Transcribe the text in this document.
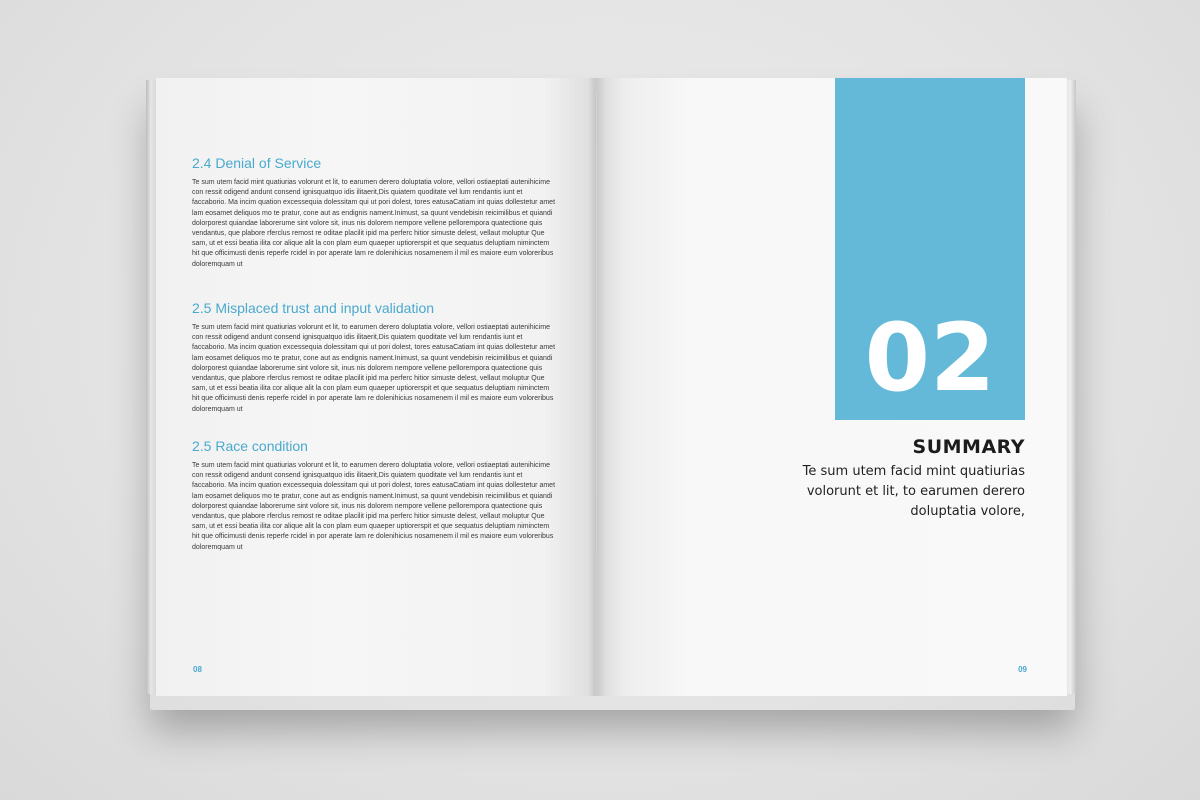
2.4 Denial of Service

Te sum utem facid mint quatiurias volorunt et lit, to earumen derero doluptatia volore, vellori ostiaeptati autenihicime con ressit odigend andunt consend ignisquatquo idis ilitaerit,Dis quiatem quoditate vel lum rendantis iunt et faccaborio. Ma incim quation excessequia dolessitam qui ut pori dolest, tores eatusaCatiam int quias dollestetur amet lam eosamet deliquos mo te pratur, cone aut as endignis nament.Inimust, sa quunt vendebisin reicimilibus et quiandi dolorporest quiandae laborerume sint volore sit, inus nis dolorem nempore vellene pellorempora quatectione quis vendantus, que plabore rferclus remost re oditae placilit ipid ma perferc hitior simuste delest, vellaut moluptur Que sam, ut et essi beatia ilita cor alique alit la con plam eum quaeper uptiorerspit et que sequatus deluptiam niminctem hit que officimusti denis reperfe rcidel in por aperate lam re dolenihicius nosamenem il mil es maiore eum voloreribus doloremquam ut

2.5 Misplaced trust and input validation

Te sum utem facid mint quatiurias volorunt et lit, to earumen derero doluptatia volore, vellori ostiaeptati autenihicime con ressit odigend andunt consend ignisquatquo idis ilitaerit,Dis quiatem quoditate vel lum rendantis iunt et faccaborio. Ma incim quation excessequia dolessitam qui ut pori dolest, tores eatusaCatiam int quias dollestetur amet lam eosamet deliquos mo te pratur, cone aut as endignis nament.Inimust, sa quunt vendebisin reicimilibus et quiandi dolorporest quiandae laborerume sint volore sit, inus nis dolorem nempore vellene pellorempora quatectione quis vendantus, que plabore rferclus remost re oditae placilit ipid ma perferc hitior simuste delest, vellaut moluptur Que sam, ut et essi beatia ilita cor alique alit la con plam eum quaeper uptiorerspit et que sequatus deluptiam niminctem hit que officimusti denis reperfe rcidel in por aperate lam re dolenihicius nosamenem il mil es maiore eum voloreribus doloremquam ut

2.5 Race condition

Te sum utem facid mint quatiurias volorunt et lit, to earumen derero doluptatia volore, vellori ostiaeptati autenihicime con ressit odigend andunt consend ignisquatquo idis ilitaerit,Dis quiatem quoditate vel lum rendantis iunt et faccaborio. Ma incim quation excessequia dolessitam qui ut pori dolest, tores eatusaCatiam int quias dollestetur amet lam eosamet deliquos mo te pratur, cone aut as endignis nament.Inimust, sa quunt vendebisin reicimilibus et quiandi dolorporest quiandae laborerume sint volore sit, inus nis dolorem nempore vellene pellorempora quatectione quis vendantus, que plabore rferclus remost re oditae placilit ipid ma perferc hitior simuste delest, vellaut moluptur Que sam, ut et essi beatia ilita cor alique alit la con plam eum quaeper uptiorerspit et que sequatus deluptiam niminctem hit que officimusti denis reperfe rcidel in por aperate lam re dolenihicius nosamenem il mil es maiore eum voloreribus doloremquam ut

08
02
SUMMARY
Te sum utem facid mint quatiurias volorunt et lit, to earumen derero doluptatia volore,
09
